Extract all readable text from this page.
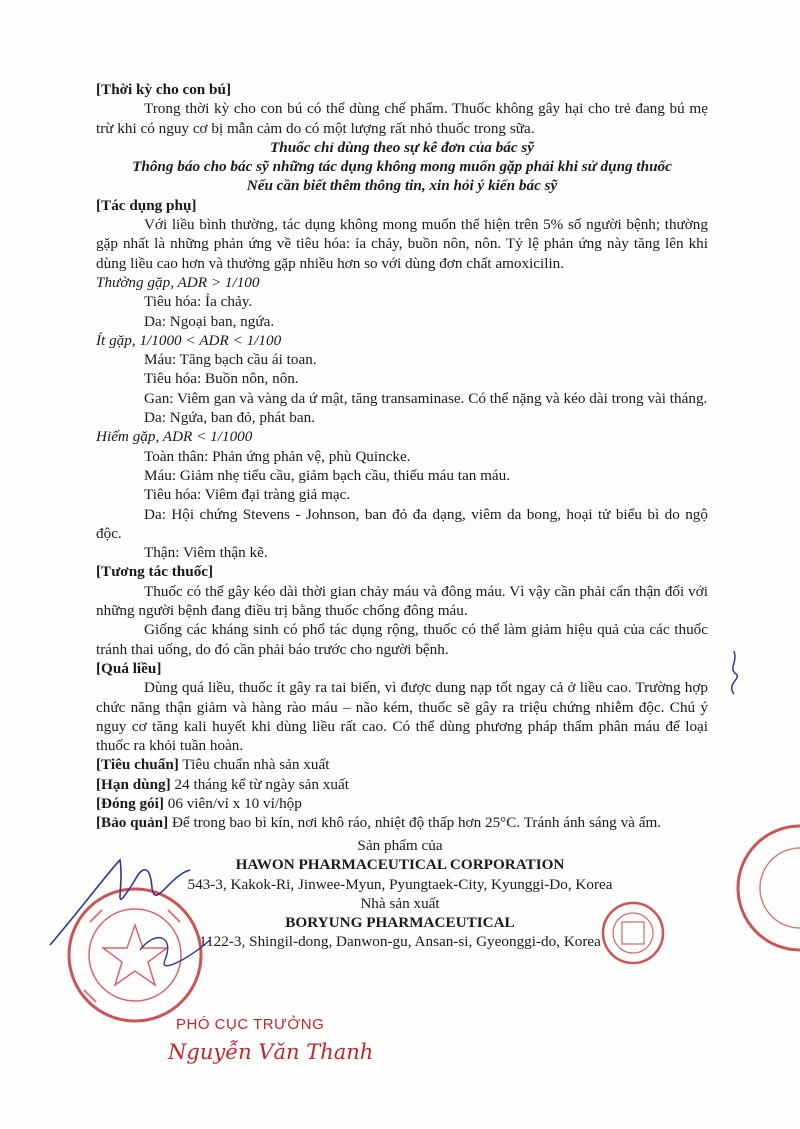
[Thời kỳ cho con bú]

Trong thời kỳ cho con bú có thể dùng chế phẩm. Thuốc không gây hại cho trẻ đang bú mẹ trừ khi có nguy cơ bị mẫn cảm do có một lượng rất nhỏ thuốc trong sữa.

Thuốc chỉ dùng theo sự kê đơn của bác sỹ

Thông báo cho bác sỹ những tác dụng không mong muốn gặp phải khi sử dụng thuốc

Nếu cần biết thêm thông tin, xin hỏi ý kiến bác sỹ

[Tác dụng phụ]

Với liều bình thường, tác dụng không mong muốn thể hiện trên 5% số người bệnh; thường gặp nhất là những phản ứng về tiêu hóa: ỉa chảy, buồn nôn, nôn. Tỷ lệ phản ứng này tăng lên khi dùng liều cao hơn và thường gặp nhiều hơn so với dùng đơn chất amoxicilin.

Thường gặp, ADR > 1/100

Tiêu hóa: Ỉa chảy.

Da: Ngoại ban, ngứa.

Ít gặp, 1/1000 < ADR < 1/100

Máu: Tăng bạch cầu ái toan.

Tiêu hóa: Buồn nôn, nôn.

Gan: Viêm gan và vàng da ứ mật, tăng transaminase. Có thể nặng và kéo dài trong vài tháng.

Da: Ngứa, ban đỏ, phát ban.

Hiếm gặp, ADR < 1/1000

Toàn thân: Phản ứng phản vệ, phù Quincke.

Máu: Giảm nhẹ tiểu cầu, giảm bạch cầu, thiếu máu tan máu.

Tiêu hóa: Viêm đại tràng giả mạc.

Da: Hội chứng Stevens - Johnson, ban đỏ đa dạng, viêm da bong, hoại tử biểu bì do ngộ độc.

Thận: Viêm thận kẽ.

[Tương tác thuốc]

Thuốc có thể gây kéo dài thời gian chảy máu và đông máu. Vì vậy cần phải cẩn thận đối với những người bệnh đang điều trị bằng thuốc chống đông máu.

Giống các kháng sinh có phổ tác dụng rộng, thuốc có thể làm giảm hiệu quả của các thuốc tránh thai uống, do đó cần phải báo trước cho người bệnh.

[Quá liều]

Dùng quá liều, thuốc ít gây ra tai biến, vì được dung nạp tốt ngay cả ở liều cao. Trường hợp chức năng thận giảm và hàng rào máu – não kém, thuốc sẽ gây ra triệu chứng nhiễm độc. Chú ý nguy cơ tăng kali huyết khi dùng liều rất cao. Có thể dùng phương pháp thẩm phân máu để loại thuốc ra khỏi tuần hoàn.

[Tiêu chuẩn] Tiêu chuẩn nhà sản xuất

[Hạn dùng] 24 tháng kể từ ngày sản xuất

[Đóng gói] 06 viên/vỉ x 10 vỉ/hộp

[Bảo quản] Để trong bao bì kín, nơi khô ráo, nhiệt độ thấp hơn 25°C. Tránh ánh sáng và ẩm.

Sản phẩm của
HAWON PHARMACEUTICAL CORPORATION
543-3, Kakok-Ri, Jinwee-Myun, Pyungtaek-City, Kyunggi-Do, Korea
Nhà sản xuất
BORYUNG PHARMACEUTICAL
1122-3, Shingil-dong, Danwon-gu, Ansan-si, Gyeonggi-do, Korea
PHÓ CỤC TRƯỞNG
Nguyễn Văn Thanh
